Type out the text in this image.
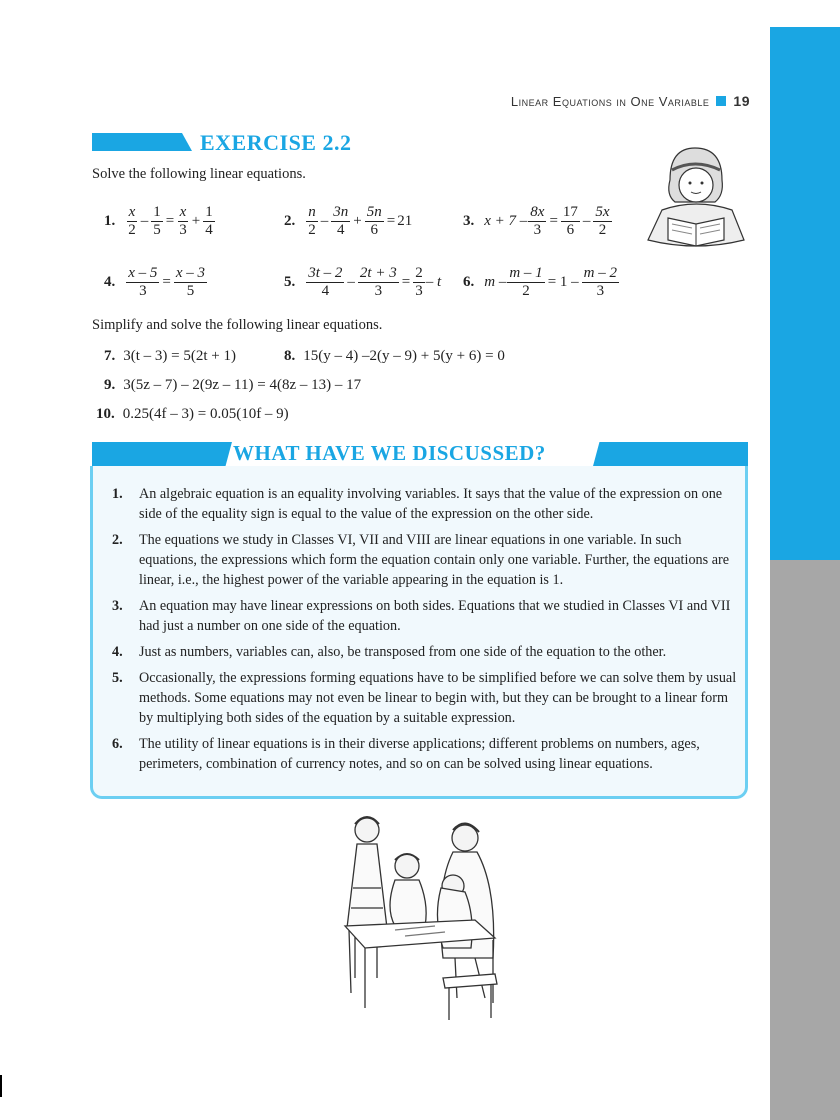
Linear Equations in One Variable 19
EXERCISE 2.2
Solve the following linear equations.
1. $\frac{x}{2} - \frac{1}{5} = \frac{x}{3} + \frac{1}{4}$	2. $\frac{n}{2} - \frac{3n}{4} + \frac{5n}{6} = 21$	3. $x + 7 - \frac{8x}{3} = \frac{17}{6} - \frac{5x}{2}$
4. $\frac{x - 5}{3} = \frac{x - 3}{5}$	5. $\frac{3t - 2}{4} - \frac{2t + 3}{3} = \frac{2}{3} - t$ 6. $m - \frac{m - 1}{2} = 1 - \frac{m - 2}{3}$
Simplify and solve the following linear equations.
7. 3(t – 3) = 5(2t + 1)	8. 15(y – 4) –2(y – 9) + 5(y + 6) = 0
9. 3(5z – 7) – 2(9z – 11) = 4(8z – 13) – 17
10. 0.25(4f – 3) = 0.05(10f – 9)
WHAT HAVE WE DISCUSSED?
1.	An algebraic equation is an equality involving variables. It says that the value of the expression on one side of the equality sign is equal to the value of the expression on the other side.
2.	The equations we study in Classes VI, VII and VIII are linear equations in one variable. In such equations, the expressions which form the equation contain only one variable. Further, the equations are linear, i.e., the highest power of the variable appearing in the equation is 1.
3.	An equation may have linear expressions on both sides. Equations that we studied in Classes VI and VII had just a number on one side of the equation.
4.	Just as numbers, variables can, also, be transposed from one side of the equation to the other.
5.	Occasionally, the expressions forming equations have to be simplified before we can solve them by usual methods. Some equations may not even be linear to begin with, but they can be brought to a linear form by multiplying both sides of the equation by a suitable expression.
6.	The utility of linear equations is in their diverse applications; different problems on numbers, ages, perimeters, combination of currency notes, and so on can be solved using linear equations.
